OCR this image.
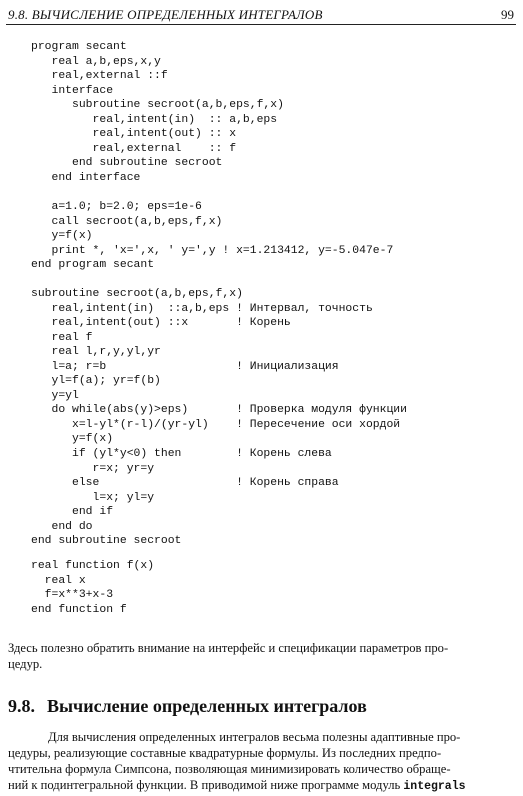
9.8. ВЫЧИСЛЕНИЕ ОПРЕДЕЛЕННЫХ ИНТЕГРАЛОВ	99
program secant
real a,b,eps,x,y
real,external ::f
interface
subroutine secroot(a,b,eps,f,x)
real,intent(in)  :: a,b,eps
real,intent(out) :: x
real,external    :: f
end subroutine secroot
end interface

a=1.0; b=2.0; eps=1e-6
call secroot(a,b,eps,f,x)
y=f(x)
print *, 'x=',x, ' y=',y ! x=1.213412, y=-5.047e-7
end program secant
subroutine secroot(a,b,eps,f,x)
real,intent(in)  ::a,b,eps ! Интервал, точность
real,intent(out) ::x       ! Корень
real f
real l,r,y,yl,yr
l=a; r=b                   ! Инициализация
yl=f(a); yr=f(b)
y=yl
do while(abs(y)>eps)       ! Проверка модуля функции
x=l-yl*(r-l)/(yr-yl)    ! Пересечение оси хордой
y=f(x)
if (yl*y<0) then        ! Корень слева
r=x; yr=y
else                    ! Корень справа
l=x; yl=y
end if
end do
end subroutine secroot
real function f(x)
real x
f=x**3+x-3
end function f
Здесь полезно обратить внимание на интерфейс и спецификации параметров про-
цедур.
9.8. Вычисление определенных интегралов
Для вычисления определенных интегралов весьма полезны адаптивные про-
цедуры, реализующие составные квадратурные формулы. Из последних предпо-
чтительна формула Симпсона, позволяющая минимизировать количество обраще-
ний к подинтегральной функции. В приводимой ниже программе модуль integrals
